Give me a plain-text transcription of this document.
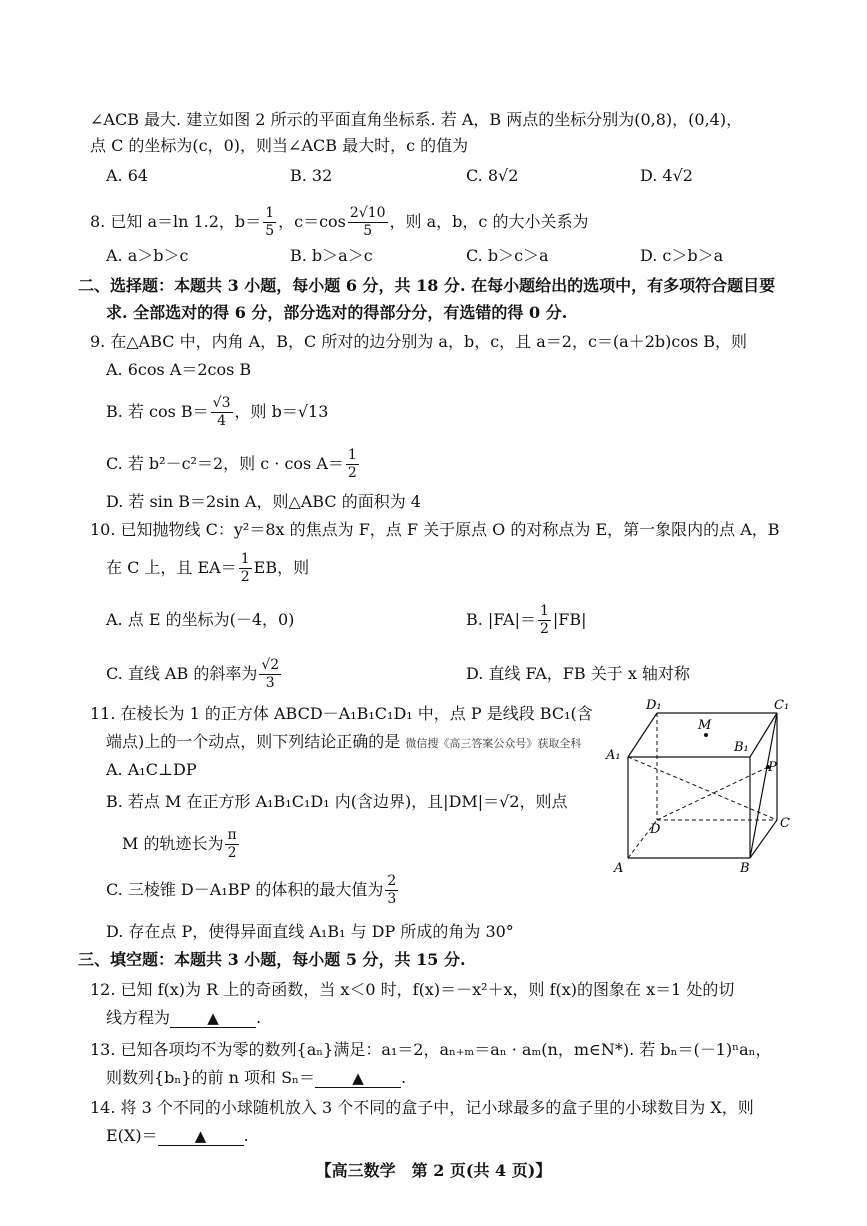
∠ACB 最大. 建立如图 2 所示的平面直角坐标系. 若 A，B 两点的坐标分别为(0,8)，(0,4)，
点 C 的坐标为(c，0)，则当∠ACB 最大时，c 的值为
A. 64	B. 32	C. 8√2	D. 4√2
8. 已知 a＝ln 1.2，$b= \frac{1}{5}$ ，$c=\cos \frac{2√10}{5}$ ，则 a，b，c 的大小关系为
A. a＞b＞c	B. b＞a＞c	C. b＞c＞a	D. c＞b＞a
二、选择题：本题共 3 小题，每小题 6 分，共 18 分. 在每小题给出的选项中，有多项符合题目要
求. 全部选对的得 6 分，部分选对的得部分分，有选错的得 0 分.
9. 在△ABC 中，内角 A，B，C 所对的边分别为 a，b，c，且 a＝2，c＝(a＋2b)cos B，则
A. 6cos A＝2cos B
B. 若 $\cos B= \frac{√3}{4}$ ，则 b＝√13
C. 若 b²－c²＝2，则 $c \cdot \cos A= \frac{1}{2}$
D. 若 sin B＝2sin A，则△ABC 的面积为 4
10. 已知抛物线 C：y²＝8x 的焦点为 F，点 F 关于原点 O 的对称点为 E，第一象限内的点 A，B
在 C 上，且 $EA= \frac{1}{2}$ EB，则
A. 点 E 的坐标为(－4，0)	B. $|FA|= \frac{1}{2} |FB|$
C. 直线 AB 的斜率为 $\frac{√2}{3}$	D. 直线 FA，FB 关于 x 轴对称
11. 在棱长为 1 的正方体 ABCD－A₁B₁C₁D₁ 中，点 P 是线段 BC₁(含
端点)上的一个动点，则下列结论正确的是 微信搜《高三答案公众号》获取全科
A. A₁C⊥DP
B. 若点 M 在正方形 A₁B₁C₁D₁ 内(含边界)，且|DM|＝√2，则点
M 的轨迹长为 $\frac{\pi}{2}$
C. 三棱锥 D－A₁BP 的体积的最大值为 $\frac{2}{3}$
D. 存在点 P，使得异面直线 A₁B₁ 与 DP 所成的角为 30°
D₁	C₁
A₁
B₁
M
P
D	C
A	B
三、填空题：本题共 3 小题，每小题 5 分，共 15 分.
12. 已知 f(x)为 R 上的奇函数，当 x＜0 时，f(x)＝－x²＋x，则 f(x)的图象在 x＝1 处的切
线方程为 ▲ .
13. 已知各项均不为零的数列{aₙ}满足：a₁＝2，aₙ₊ₘ＝aₙ · aₘ(n，m∈N*). 若 bₙ＝(－1)ⁿaₙ，
则数列{bₙ}的前 n 项和 Sₙ＝ ▲ .
14. 将 3 个不同的小球随机放入 3 个不同的盒子中，记小球最多的盒子里的小球数目为 X，则
E(X)＝ ▲ .
【高三数学　第 2 页(共 4 页)】
